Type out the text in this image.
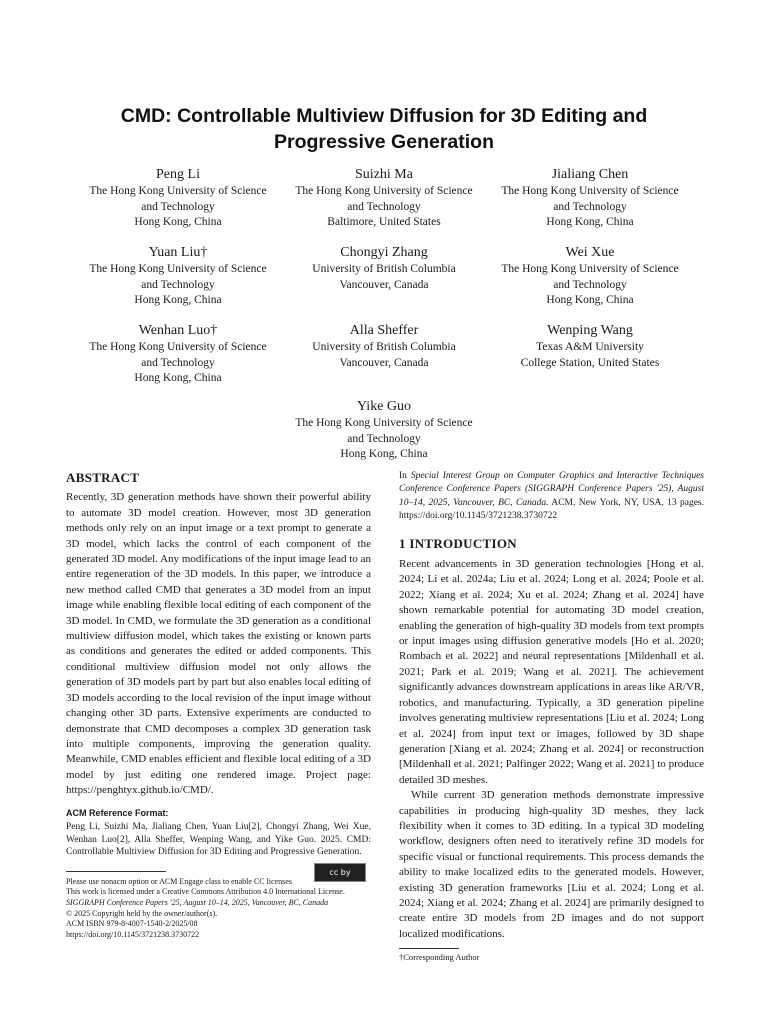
CMD: Controllable Multiview Diffusion for 3D Editing and
Progressive Generation
Peng Li
The Hong Kong University of Science
and Technology
Hong Kong, China
Suizhi Ma
The Hong Kong University of Science
and Technology
Baltimore, United States
Jialiang Chen
The Hong Kong University of Science
and Technology
Hong Kong, China
Yuan Liu†
The Hong Kong University of Science
and Technology
Hong Kong, China
Chongyi Zhang
University of British Columbia
Vancouver, Canada
Wei Xue
The Hong Kong University of Science
and Technology
Hong Kong, China
Wenhan Luo†
The Hong Kong University of Science
and Technology
Hong Kong, China
Alla Sheffer
University of British Columbia
Vancouver, Canada
Wenping Wang
Texas A&M University
College Station, United States
Yike Guo
The Hong Kong University of Science
and Technology
Hong Kong, China
ABSTRACT

Recently, 3D generation methods have shown their powerful ability to automate 3D model creation. However, most 3D generation methods only rely on an input image or a text prompt to generate a 3D model, which lacks the control of each component of the generated 3D model. Any modifications of the input image lead to an entire regeneration of the 3D models. In this paper, we introduce a new method called CMD that generates a 3D model from an input image while enabling flexible local editing of each component of the 3D model. In CMD, we formulate the 3D generation as a conditional multiview diffusion model, which takes the existing or known parts as conditions and generates the edited or added components. This conditional multiview diffusion model not only allows the generation of 3D models part by part but also enables local editing of 3D models according to the local revision of the input image without changing other 3D parts. Extensive experiments are conducted to demonstrate that CMD decomposes a complex 3D generation task into multiple components, improving the generation quality. Meanwhile, CMD enables efficient and flexible local editing of a 3D model by just editing one rendered image. Project page: https://penghtyx.github.io/CMD/.

ACM Reference Format:

Peng Li, Suizhi Ma, Jialiang Chen, Yuan Liu[2], Chongyi Zhang, Wei Xue, Wenhan Luo[2], Alla Sheffer, Wenping Wang, and Yike Guo. 2025. CMD: Controllable Multiview Diffusion for 3D Editing and Progressive Generation.

Please use nonacm option or ACM Engage class to enable CC licenses
This work is licensed under a Creative Commons Attribution 4.0 International License.
SIGGRAPH Conference Papers '25, August 10–14, 2025, Vancouver, BC, Canada
© 2025 Copyright held by the owner/author(s).
ACM ISBN 979-8-4007-1540-2/2025/08
https://doi.org/10.1145/3721238.3730722
cc by

In Special Interest Group on Computer Graphics and Interactive Techniques Conference Conference Papers (SIGGRAPH Conference Papers '25), August 10–14, 2025, Vancouver, BC, Canada. ACM, New York, NY, USA, 13 pages. https://doi.org/10.1145/3721238.3730722

1 INTRODUCTION

Recent advancements in 3D generation technologies [Hong et al. 2024; Li et al. 2024a; Liu et al. 2024; Long et al. 2024; Poole et al. 2022; Xiang et al. 2024; Xu et al. 2024; Zhang et al. 2024] have shown remarkable potential for automating 3D model creation, enabling the generation of high-quality 3D models from text prompts or input images using diffusion generative models [Ho et al. 2020; Rombach et al. 2022] and neural representations [Mildenhall et al. 2021; Park et al. 2019; Wang et al. 2021]. The achievement significantly advances downstream applications in areas like AR/VR, robotics, and manufacturing. Typically, a 3D generation pipeline involves generating multiview representations [Liu et al. 2024; Long et al. 2024] from input text or images, followed by 3D shape generation [Xiang et al. 2024; Zhang et al. 2024] or reconstruction [Mildenhall et al. 2021; Palfinger 2022; Wang et al. 2021] to produce detailed 3D meshes.

While current 3D generation methods demonstrate impressive capabilities in producing high-quality 3D meshes, they lack flexibility when it comes to 3D editing. In a typical 3D modeling workflow, designers often need to iteratively refine 3D models for specific visual or functional requirements. This process demands the ability to make localized edits to the generated models. However, existing 3D generation frameworks [Liu et al. 2024; Long et al. 2024; Xiang et al. 2024; Zhang et al. 2024] are primarily designed to create entire 3D models from 2D images and do not support localized modifications.

†Corresponding Author
